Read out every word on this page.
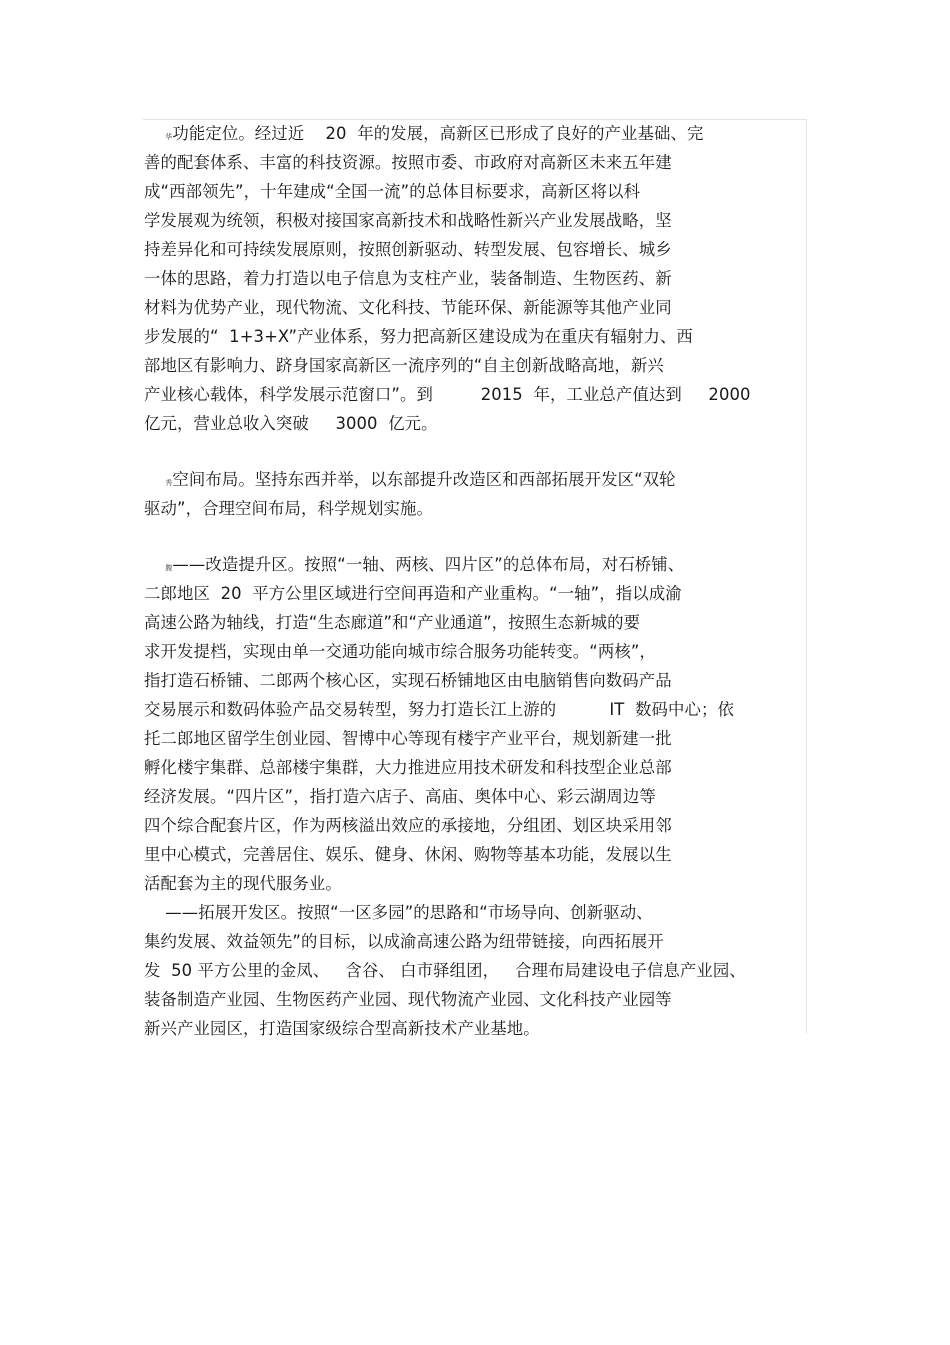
华功能定位。经过近    20  年的发展，高新区已形成了良好的产业基础、完
善的配套体系、丰富的科技资源。按照市委、市政府对高新区未来五年建
成“西部领先”，十年建成“全国一流”的总体目标要求，高新区将以科
学发展观为统领，积极对接国家高新技术和战略性新兴产业发展战略，坚
持差异化和可持续发展原则，按照创新驱动、转型发展、包容增长、城乡
一体的思路，着力打造以电子信息为支柱产业，装备制造、生物医药、新
材料为优势产业，现代物流、文化科技、节能环保、新能源等其他产业同
步发展的“  1+3+X”产业体系，努力把高新区建设成为在重庆有辐射力、西
部地区有影响力、跻身国家高新区一流序列的“自主创新战略高地，新兴
产业核心载体，科学发展示范窗口”。到         2015  年，工业总产值达到     2000
亿元，营业总收入突破     3000  亿元。
秀空间布局。坚持东西并举，以东部提升改造区和西部拓展开发区“双轮
驱动”，合理空间布局，科学规划实施。
腹——改造提升区。按照“一轴、两核、四片区”的总体布局，对石桥铺、
二郎地区  20  平方公里区域进行空间再造和产业重构。“一轴”，指以成渝
高速公路为轴线，打造“生态廊道”和“产业通道”，按照生态新城的要
求开发提档，实现由单一交通功能向城市综合服务功能转变。“两核”，
指打造石桥铺、二郎两个核心区，实现石桥铺地区由电脑销售向数码产品
交易展示和数码体验产品交易转型，努力打造长江上游的          IT  数码中心；依
托二郎地区留学生创业园、智博中心等现有楼宇产业平台，规划新建一批
孵化楼宇集群、总部楼宇集群，大力推进应用技术研发和科技型企业总部
经济发展。“四片区”，指打造六店子、高庙、奥体中心、彩云湖周边等
四个综合配套片区，作为两核溢出效应的承接地，分组团、划区块采用邻
里中心模式，完善居住、娱乐、健身、休闲、购物等基本功能，发展以生
活配套为主的现代服务业。
——拓展开发区。按照“一区多园”的思路和“市场导向、创新驱动、
集约发展、效益领先”的目标，以成渝高速公路为纽带链接，向西拓展开
发  50 平方公里的金凤、   含谷、 白市驿组团，   合理布局建设电子信息产业园、
装备制造产业园、生物医药产业园、现代物流产业园、文化科技产业园等
新兴产业园区，打造国家级综合型高新技术产业基地。
